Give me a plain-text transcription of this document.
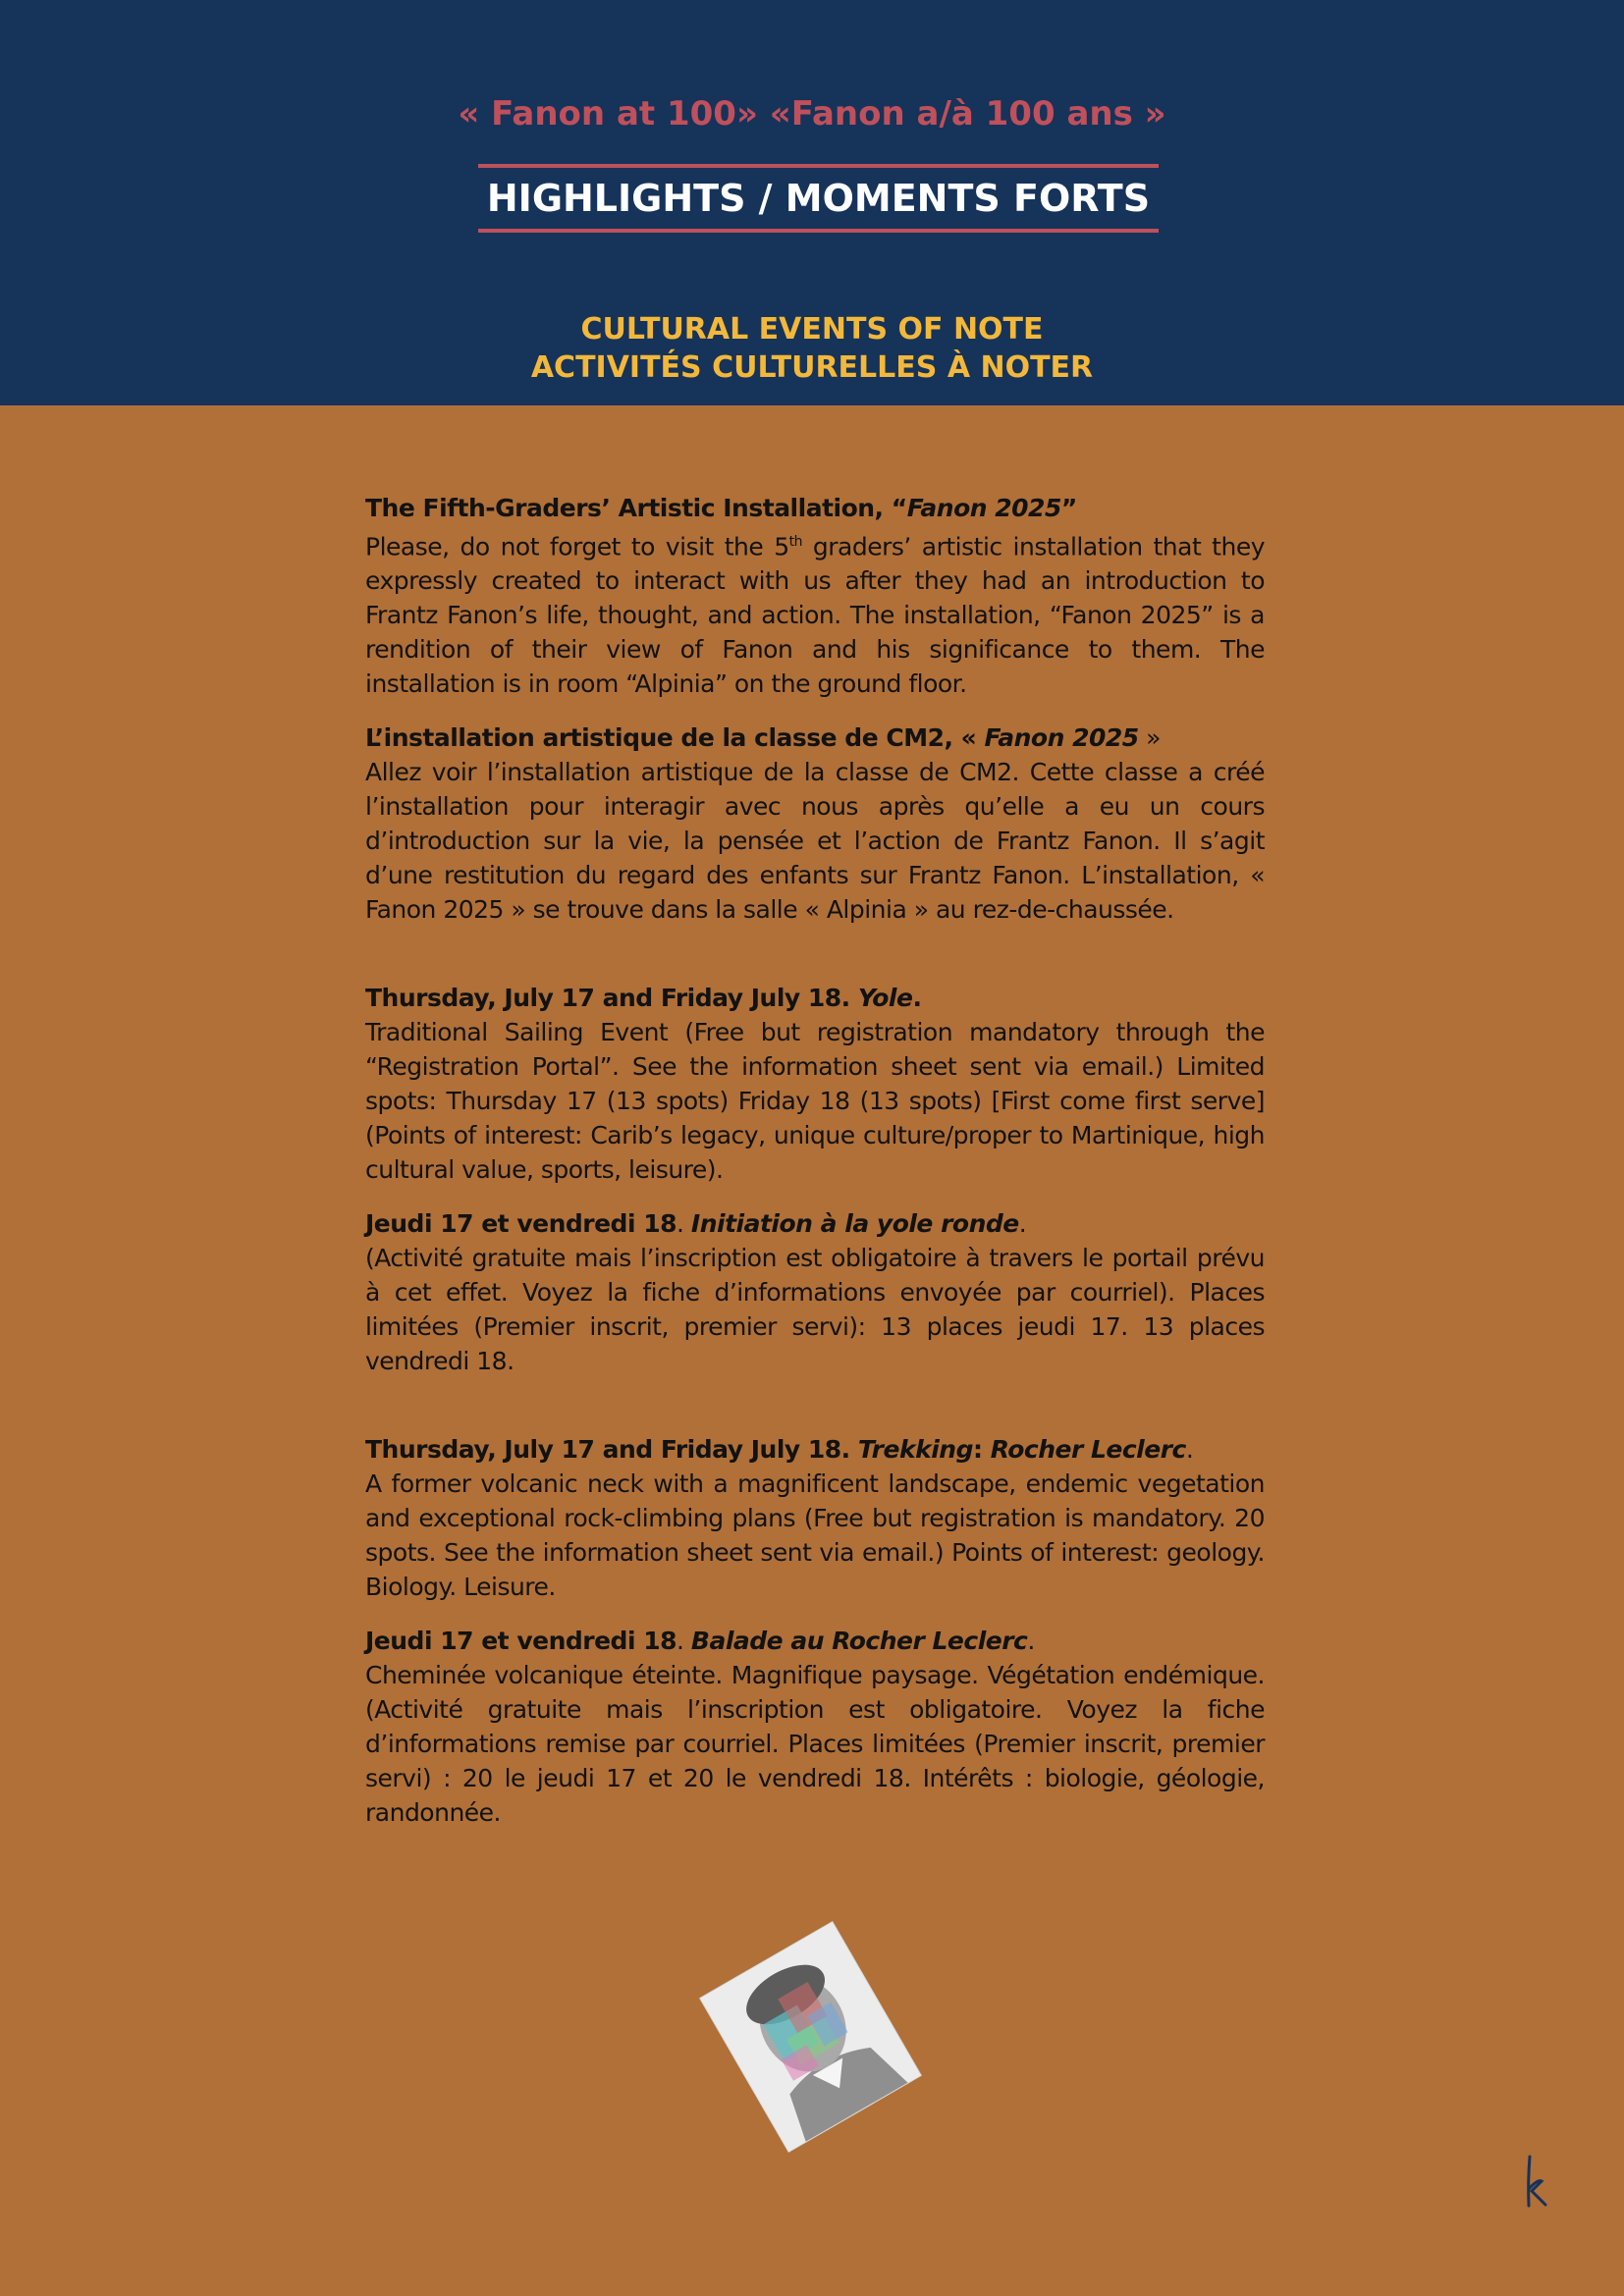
« Fanon at 100» «Fanon a/à 100 ans »
HIGHLIGHTS / MOMENTS FORTS
CULTURAL EVENTS OF NOTE
ACTIVITÉS CULTURELLES À NOTER
The Fifth-Graders’ Artistic Installation, “Fanon 2025”
Please, do not forget to visit the 5th graders’ artistic installation that they expressly created to interact with us after they had an introduction to Frantz Fanon’s life, thought, and action. The installation, “Fanon 2025” is a rendition of their view of Fanon and his significance to them. The installation is in room “Alpinia” on the ground floor.
L’installation artistique de la classe de CM2, « Fanon 2025 »
Allez voir l’installation artistique de la classe de CM2. Cette classe a créé l’installation pour interagir avec nous après qu’elle a eu un cours d’introduction sur la vie, la pensée et l’action de Frantz Fanon. Il s’agit d’une restitution du regard des enfants sur Frantz Fanon. L’installation, « Fanon 2025 » se trouve dans la salle « Alpinia » au rez-de-chaussée.
Thursday, July 17 and Friday July 18. Yole.
Traditional Sailing Event (Free but registration mandatory through the “Registration Portal”. See the information sheet sent via email.) Limited spots: Thursday 17 (13 spots) Friday 18 (13 spots) [First come first serve] (Points of interest: Carib’s legacy, unique culture/proper to Martinique, high cultural value, sports, leisure).
Jeudi 17 et vendredi 18. Initiation à la yole ronde.
(Activité gratuite mais l’inscription est obligatoire à travers le portail prévu à cet effet. Voyez la fiche d’informations envoyée par courriel). Places limitées (Premier inscrit, premier servi): 13 places jeudi 17. 13 places vendredi 18.
Thursday, July 17 and Friday July 18. Trekking: Rocher Leclerc.
A former volcanic neck with a magnificent landscape, endemic vegetation and exceptional rock-climbing plans (Free but registration is mandatory. 20 spots. See the information sheet sent via email.) Points of interest: geology. Biology. Leisure.
Jeudi 17 et vendredi 18. Balade au Rocher Leclerc.
Cheminée volcanique éteinte. Magnifique paysage. Végétation endémique. (Activité gratuite mais l’inscription est obligatoire. Voyez la fiche d’informations remise par courriel. Places limitées (Premier inscrit, premier servi) : 20 le jeudi 17 et 20 le vendredi 18. Intérêts : biologie, géologie, randonnée.
